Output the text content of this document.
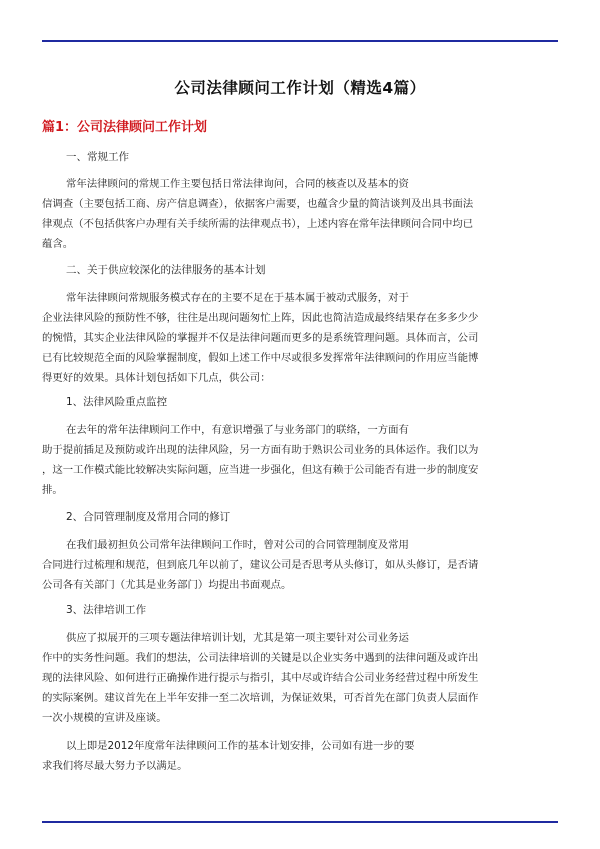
公司法律顾问工作计划（精选4篇）
篇1：公司法律顾问工作计划
一、常规工作
常年法律顾问的常规工作主要包括日常法律询问，合同的核查以及基本的资
信调查（主要包括工商、房产信息调查），依据客户需要，也蕴含少量的简洁谈判及出具书面法
律观点（不包括供客户办理有关手续所需的法律观点书），上述内容在常年法律顾问合同中均已
蕴含。
二、关于供应较深化的法律服务的基本计划
常年法律顾问常规服务模式存在的主要不足在于基本属于被动式服务，对于
企业法律风险的预防性不够，往往是出现问题匆忙上阵，因此也简洁造成最终结果存在多多少少
的惋惜，其实企业法律风险的掌握并不仅是法律问题而更多的是系统管理问题。具体而言，公司
已有比较规范全面的风险掌握制度，假如上述工作中尽或很多发挥常年法律顾问的作用应当能博
得更好的效果。具体计划包括如下几点，供公司：
1、法律风险重点监控
在去年的常年法律顾问工作中，有意识增强了与业务部门的联络，一方面有
助于提前插足及预防或许出现的法律风险，另一方面有助于熟识公司业务的具体运作。我们以为
，这一工作模式能比较解决实际问题，应当进一步强化，但这有赖于公司能否有进一步的制度安
排。
2、合同管理制度及常用合同的修订
在我们最初担负公司常年法律顾问工作时，曾对公司的合同管理制度及常用
合同进行过梳理和规范，但到底几年以前了，建议公司是否思考从头修订，如从头修订，是否请
公司各有关部门（尤其是业务部门）均提出书面观点。
3、法律培训工作
供应了拟展开的三项专题法律培训计划，尤其是第一项主要针对公司业务运
作中的实务性问题。我们的想法，公司法律培训的关键是以企业实务中遇到的法律问题及或许出
现的法律风险、如何进行正确操作进行提示与指引，其中尽或许结合公司业务经营过程中所发生
的实际案例。建议首先在上半年安排一至二次培训，为保证效果，可否首先在部门负责人层面作
一次小规模的宣讲及座谈。
以上即是2012年度常年法律顾问工作的基本计划安排，公司如有进一步的要
求我们将尽最大努力予以满足。
